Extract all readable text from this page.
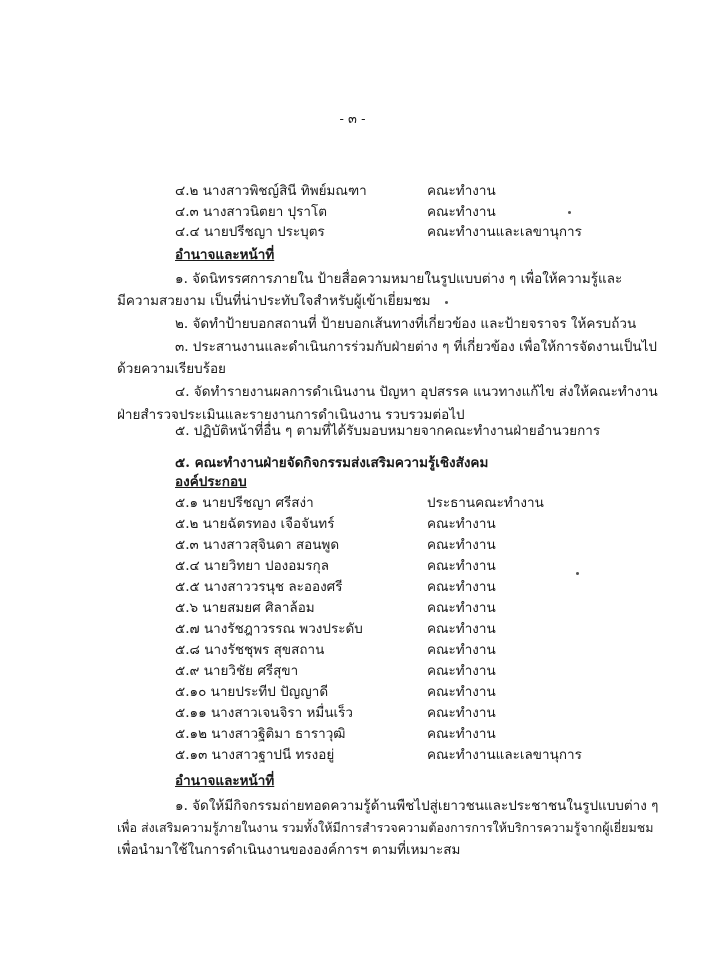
- ๓ -
๔.๒ นางสาวพิชญ์สินี ทิพย์มณฑา	คณะทำงาน
๔.๓ นางสาวนิตยา ปุราโต	คณะทำงาน
๔.๔ นายปรีชญา ประบุตร	คณะทำงานและเลขานุการ
อำนาจและหน้าที่
๑. จัดนิทรรศการภายใน ป้ายสื่อความหมายในรูปแบบต่าง ๆ เพื่อให้ความรู้และ
มีความสวยงาม เป็นที่น่าประทับใจสำหรับผู้เข้าเยี่ยมชม
๒. จัดทำป้ายบอกสถานที่ ป้ายบอกเส้นทางที่เกี่ยวข้อง และป้ายจราจร ให้ครบถ้วน
๓. ประสานงานและดำเนินการร่วมกับฝ่ายต่าง ๆ ที่เกี่ยวข้อง เพื่อให้การจัดงานเป็นไป
ด้วยความเรียบร้อย
๔. จัดทำรายงานผลการดำเนินงาน ปัญหา อุปสรรค แนวทางแก้ไข ส่งให้คณะทำงาน
ฝ่ายสำรวจประเมินและรายงานการดำเนินงาน รวบรวมต่อไป
๕. ปฏิบัติหน้าที่อื่น ๆ ตามที่ได้รับมอบหมายจากคณะทำงานฝ่ายอำนวยการ
๕. คณะทำงานฝ่ายจัดกิจกรรมส่งเสริมความรู้เชิงสังคม
องค์ประกอบ
๕.๑ นายปรีชญา ศรีสง่า	ประธานคณะทำงาน
๕.๒ นายฉัตรทอง เจือจันทร์	คณะทำงาน
๕.๓ นางสาวสุจินดา สอนพูด	คณะทำงาน
๕.๔ นายวิทยา ปองอมรกุล	คณะทำงาน
๕.๕ นางสาววรนุช ละอองศรี	คณะทำงาน
๕.๖ นายสมยศ ศิลาล้อม	คณะทำงาน
๕.๗ นางรัชฎาวรรณ พวงประดับ	คณะทำงาน
๕.๘ นางรัชชุพร สุขสถาน	คณะทำงาน
๕.๙ นายวิชัย ศรีสุขา	คณะทำงาน
๕.๑๐ นายประทีป ปัญญาดี	คณะทำงาน
๕.๑๑ นางสาวเจนจิรา หมื่นเร็ว	คณะทำงาน
๕.๑๒ นางสาวฐิติมา ธาราวุฒิ	คณะทำงาน
๕.๑๓ นางสาวฐาปนี ทรงอยู่	คณะทำงานและเลขานุการ
อำนาจและหน้าที่
๑. จัดให้มีกิจกรรมถ่ายทอดความรู้ด้านพืชไปสู่เยาวชนและประชาชนในรูปแบบต่าง ๆ
เพื่อ ส่งเสริมความรู้ภายในงาน รวมทั้งให้มีการสำรวจความต้องการการให้บริการความรู้จากผู้เยี่ยมชม
เพื่อนำมาใช้ในการดำเนินงานขององค์การฯ ตามที่เหมาะสม
